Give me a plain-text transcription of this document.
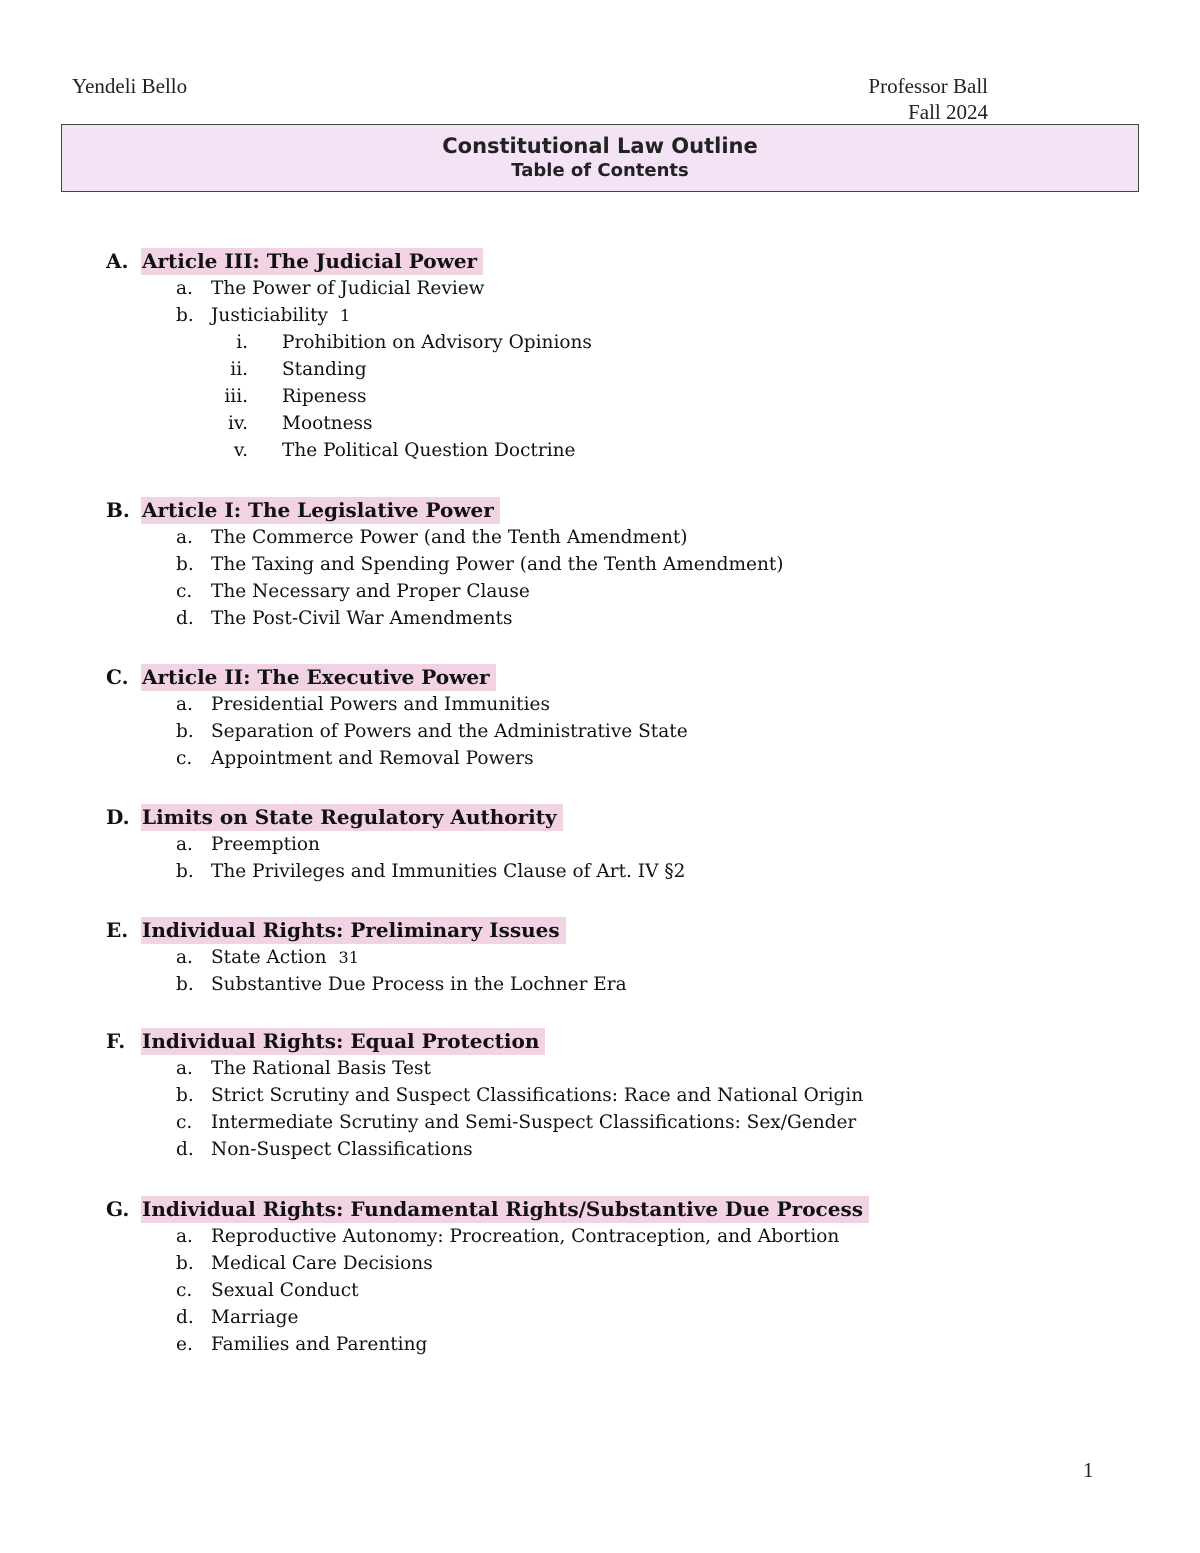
Yendeli Bello	Professor Ball
Fall 2024
Constitutional Law Outline
Table of Contents
A. Article III: The Judicial Power
a. The Power of Judicial Review
b. Justiciability 1
i. Prohibition on Advisory Opinions
ii. Standing
iii. Ripeness
iv. Mootness
v. The Political Question Doctrine
B. Article I: The Legislative Power
a. The Commerce Power (and the Tenth Amendment)
b. The Taxing and Spending Power (and the Tenth Amendment)
c. The Necessary and Proper Clause
d. The Post-Civil War Amendments
C. Article II: The Executive Power
a. Presidential Powers and Immunities
b. Separation of Powers and the Administrative State
c. Appointment and Removal Powers
D. Limits on State Regulatory Authority
a. Preemption
b. The Privileges and Immunities Clause of Art. IV §2
E. Individual Rights: Preliminary Issues
a. State Action 31
b. Substantive Due Process in the Lochner Era
F. Individual Rights: Equal Protection
a. The Rational Basis Test
b. Strict Scrutiny and Suspect Classifications: Race and National Origin
c. Intermediate Scrutiny and Semi-Suspect Classifications: Sex/Gender
d. Non-Suspect Classifications
G. Individual Rights: Fundamental Rights/Substantive Due Process
a. Reproductive Autonomy: Procreation, Contraception, and Abortion
b. Medical Care Decisions
c. Sexual Conduct
d. Marriage
e. Families and Parenting
1
